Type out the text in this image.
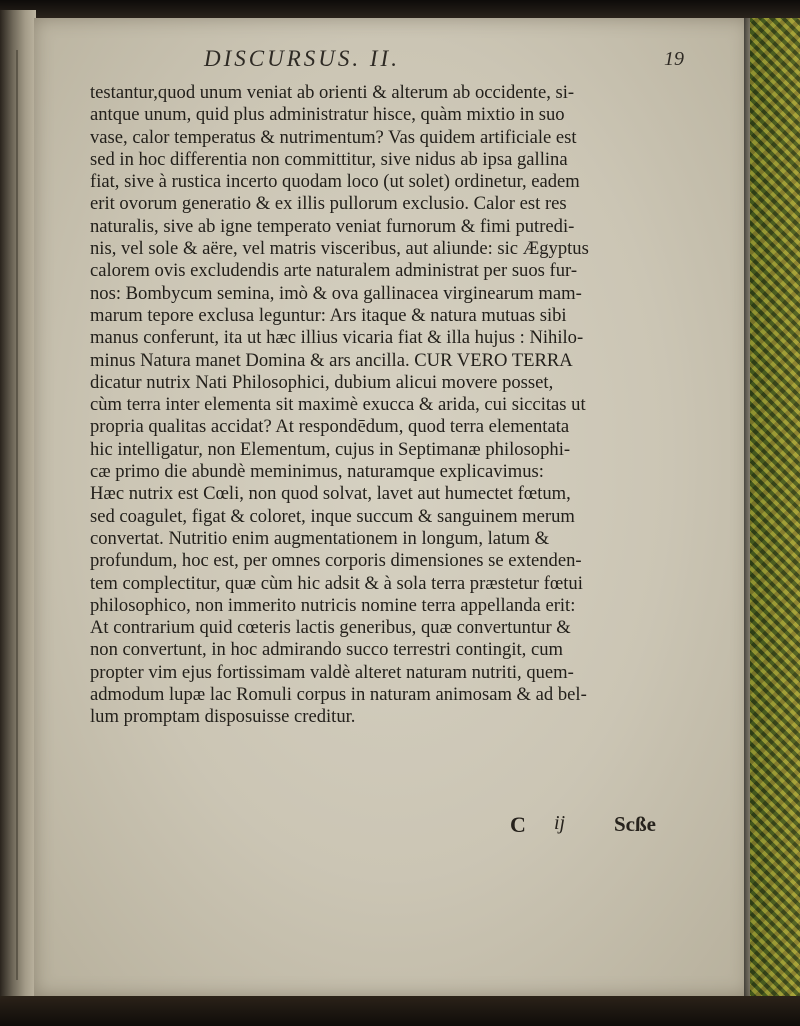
DISCURSUS. II.	19
testantur,quod unum veniat ab orienti & alterum ab occidente, si-
antque unum, quid plus administratur hisce, quàm mixtio in suo
vase, calor temperatus & nutrimentum? Vas quidem artificiale est
sed in hoc differentia non committitur, sive nidus ab ipsa gallina
fiat, sive à rustica incerto quodam loco (ut solet) ordinetur, eadem
erit ovorum generatio & ex illis pullorum exclusio. Calor est res
naturalis, sive ab igne temperato veniat furnorum & fimi putredi-
nis, vel sole & aëre, vel matris visceribus, aut aliunde: sic Ægyptus
calorem ovis excludendis arte naturalem administrat per suos fur-
nos: Bombycum semina, imò & ova gallinacea virginearum mam-
marum tepore exclusa leguntur: Ars itaque & natura mutuas sibi
manus conferunt, ita ut hæc illius vicaria fiat & illa hujus : Nihilo-
minus Natura manet Domina & ars ancilla. CUR VERO TERRA
dicatur nutrix Nati Philosophici, dubium alicui movere posset,
cùm terra inter elementa sit maximè exucca & arida, cui siccitas ut
propria qualitas accidat? At respondēdum, quod terra elementata
hic intelligatur, non Elementum, cujus in Septimanæ philosophi-
cæ primo die abundè meminimus, naturamque explicavimus:
Hæc nutrix est Cœli, non quod solvat, lavet aut humectet fœtum,
sed coagulet, figat & coloret, inque succum & sanguinem merum
convertat. Nutritio enim augmentationem in longum, latum &
profundum, hoc est, per omnes corporis dimensiones se extenden-
tem complectitur, quæ cùm hic adsit & à sola terra præstetur fœtui
philosophico, non immerito nutricis nomine terra appellanda erit:
At contrarium quid cœteris lactis generibus, quæ convertuntur &
non convertunt, in hoc admirando succo terrestri contingit, cum
propter vim ejus fortissimam valdè alteret naturam nutriti, quem-
admodum lupæ lac Romuli corpus in naturam animosam & ad bel-
lum promptam disposuisse creditur.
C ij Scße
